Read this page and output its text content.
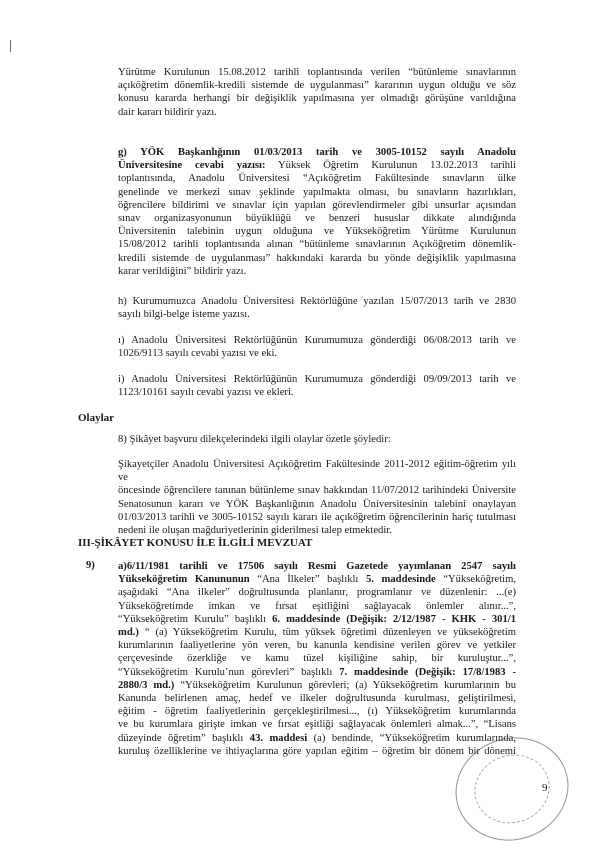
Yürütme Kurulunun 15.08.2012 tarihli toplantısında verilen “bütünleme sınavlarının
açıköğretim dönemlik-kredili sistemde de uygulanması” kararının uygun olduğu ve söz
konusu kararda herhangi bir değişiklik yapılmasına yer olmadığı görüşüne varıldığına
dair kararı bildirir yazı.
g) YÖK Başkanlığının 01/03/2013 tarih ve 3005-10152 sayılı Anadolu
Üniversitesine cevabi yazısı: Yüksek Öğretim Kurulunun 13.02.2013 tarihli
toplantısında, Anadolu Üniversitesi “Açıköğretim Fakültesinde sınavların ülke
genelinde ve merkezi sınav şeklinde yapılmakta olması, bu sınavların hazırlıkları,
öğrencilere bildirimi ve sınavlar için yapılan görevlendirmeler gibi unsurlar açısından
sınav organizasyonunun büyüklüğü ve benzeri hususlar dikkate alındığında
Üniversitenin talebinin uygun olduğuna ve Yükseköğretim Yürütme Kurulunun
15/08/2012 tarihli toplantısında alınan “bütünleme sınavlarının Açıköğretim dönemlik-
kredili sistemde de uygulanması” hakkındaki kararda bu yönde değişiklik yapılmasına
karar verildiğini” bildirir yazı.
h) Kurumumuzca Anadolu Üniversitesi Rektörlüğüne yazılan 15/07/2013 tarih ve 2830
sayılı bilgi-belge isteme yazısı.
ı) Anadolu Üniversitesi Rektörlüğünün Kurumumuza gönderdiği 06/08/2013 tarih ve
1026/9113 sayılı cevabi yazısı ve eki.
i) Anadolu Üniversitesi Rektörlüğünün Kurumumuza gönderdiği 09/09/2013 tarih ve
1123/10161 sayılı cevabi yazısı ve ekleri.
Olaylar
8) Şikâyet başvuru dilekçelerindeki ilgili olaylar özetle şöyledir:
Şikayetçiler Anadolu Üniversitesi Açıköğretim Fakültesinde 2011-2012 eğitim-öğretim yılı ve
öncesinde öğrencilere tanınan bütünleme sınav hakkından 11/07/2012 tarihindeki Üniversite
Senatosunun kararı ve YÖK Başkanlığının Anadolu Üniversitesinin talebini onaylayan
01/03/2013 tarihli ve 3005-10152 sayılı kararı ile açıköğretim öğrencilerinin hariç tutulması
nedeni ile oluşan mağduriyetlerinin giderilmesi talep etmektedir.
III-ŞİKÂYET KONUSU İLE İLGİLİ MEVZUAT
9) a)6/11/1981 tarihli ve 17506 sayılı Resmi Gazetede yayımlanan 2547 sayılı
Yükseköğretim Kanununun “Ana İlkeler” başlıklı 5. maddesinde “Yükseköğretim,
aşağıdaki “Ana ilkeler” doğrultusunda planlanır, programlanır ve düzenlenir: ...(e)
Yükseköğretimde imkan ve fırsat eşitliğini sağlayacak önlemler alınır...”,
“Yükseköğretim Kurulu” başlıklı 6. maddesinde (Değişik: 2/12/1987 - KHK - 301/1
md.) “ (a) Yükseköğretim Kurulu, tüm yüksek öğretimi düzenleyen ve yükseköğretim
kurumlarının faaliyetlerine yön veren, bu kanunla kendisine verilen görev ve yetkiler
çerçevesinde özerkliğe ve kamu tüzel kişiliğine sahip, bir kuruluştur...”,
“Yükseköğretim Kurulu’nun görevleri” başlıklı 7. maddesinde (Değişik: 17/8/1983 -
2880/3 md.) “Yükseköğretim Kurulunun görevleri; (a) Yükseköğretim kurumlarının bu
Kanunda belirlenen amaç, hedef ve ilkeler doğrultusunda kurulması, geliştirilmesi,
eğitim - öğretim faaliyetlerinin gerçekleştirilmesi..., (ı) Yükseköğretim kurumlarında
ve bu kurumlara girişte imkan ve fırsat eşitliği sağlayacak önlemleri almak...”, “Lisans
düzeyinde öğretim” başlıklı 43. maddesi (a) bendinde, “Yükseköğretim kurumlarında,
kuruluş özelliklerine ve ihtiyaçlarına göre yapılan eğitim – öğretim bir dönem bir dönemi
9
